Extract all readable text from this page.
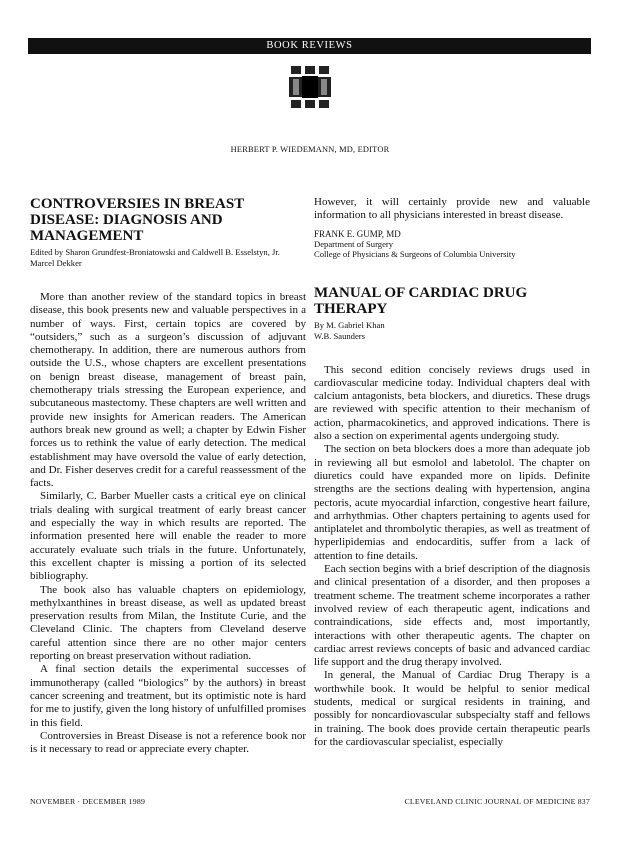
BOOK REVIEWS
HERBERT P. WIEDEMANN, MD, EDITOR
CONTROVERSIES IN BREAST DISEASE: DIAGNOSIS AND MANAGEMENT
Edited by Sharon Grundfest-Broniatowski and Caldwell B. Esselstyn, Jr.
Marcel Dekker

More than another review of the standard topics in breast disease, this book presents new and valuable perspectives in a number of ways. First, certain topics are covered by “outsiders,” such as a surgeon’s discussion of adjuvant chemotherapy. In addition, there are numerous authors from outside the U.S., whose chapters are excellent presentations on benign breast disease, management of breast pain, chemotherapy trials stressing the European experience, and subcutaneous mastectomy. These chapters are well written and provide new insights for American readers. The American authors break new ground as well; a chapter by Edwin Fisher forces us to rethink the value of early detection. The medical establishment may have oversold the value of early detection, and Dr. Fisher deserves credit for a careful reassessment of the facts.

Similarly, C. Barber Mueller casts a critical eye on clinical trials dealing with surgical treatment of early breast cancer and especially the way in which results are reported. The information presented here will enable the reader to more accurately evaluate such trials in the future. Unfortunately, this excellent chapter is missing a portion of its selected bibliography.

The book also has valuable chapters on epidemiology, methylxanthines in breast disease, as well as updated breast preservation results from Milan, the Institute Curie, and the Cleveland Clinic. The chapters from Cleveland deserve careful attention since there are no other major centers reporting on breast preservation without radiation.

A final section details the experimental successes of immunotherapy (called “biologics” by the authors) in breast cancer screening and treatment, but its optimistic note is hard for me to justify, given the long history of unfulfilled promises in this field.

Controversies in Breast Disease is not a reference book nor is it necessary to read or appreciate every chapter.

However, it will certainly provide new and valuable information to all physicians interested in breast disease.

FRANK E. GUMP, MD
Department of Surgery
College of Physicians & Surgeons of Columbia University
MANUAL OF CARDIAC DRUG THERAPY
By M. Gabriel Khan
W.B. Saunders

This second edition concisely reviews drugs used in cardiovascular medicine today. Individual chapters deal with calcium antagonists, beta blockers, and diuretics. These drugs are reviewed with specific attention to their mechanism of action, pharmacokinetics, and approved indications. There is also a section on experimental agents undergoing study.

The section on beta blockers does a more than adequate job in reviewing all but esmolol and labetolol. The chapter on diuretics could have expanded more on lipids. Definite strengths are the sections dealing with hypertension, angina pectoris, acute myocardial infarction, congestive heart failure, and arrhythmias. Other chapters pertaining to agents used for antiplatelet and thrombolytic therapies, as well as treatment of hyperlipidemias and endocarditis, suffer from a lack of attention to fine details.

Each section begins with a brief description of the diagnosis and clinical presentation of a disorder, and then proposes a treatment scheme. The treatment scheme incorporates a rather involved review of each therapeutic agent, indications and contraindications, side effects and, most importantly, interactions with other therapeutic agents. The chapter on cardiac arrest reviews concepts of basic and advanced cardiac life support and the drug therapy involved.

In general, the Manual of Cardiac Drug Therapy is a worthwhile book. It would be helpful to senior medical students, medical or surgical residents in training, and possibly for noncardiovascular subspecialty staff and fellows in training. The book does provide certain therapeutic pearls for the cardiovascular specialist, especially

NOVEMBER · DECEMBER 1989	CLEVELAND CLINIC JOURNAL OF MEDICINE 837
